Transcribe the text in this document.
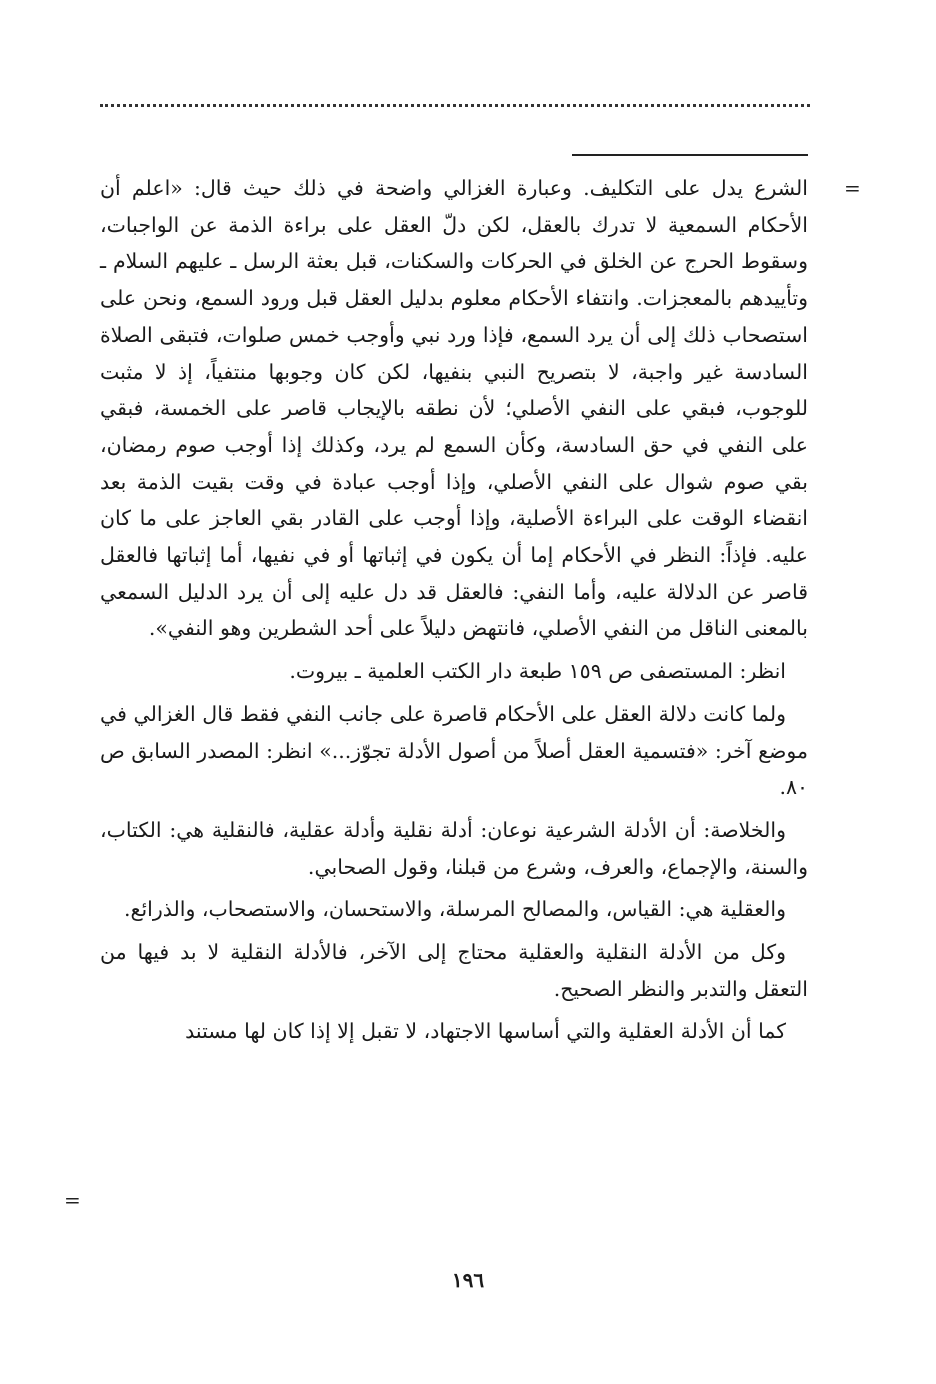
=

الشرع يدل على التكليف. وعبارة الغزالي واضحة في ذلك حيث قال: «اعلم أن الأحكام السمعية لا تدرك بالعقل، لكن دلّ العقل على براءة الذمة عن الواجبات، وسقوط الحرج عن الخلق في الحركات والسكنات، قبل بعثة الرسل ـ عليهم السلام ـ وتأييدهم بالمعجزات. وانتفاء الأحكام معلوم بدليل العقل قبل ورود السمع، ونحن على استصحاب ذلك إلى أن يرد السمع، فإذا ورد نبي وأوجب خمس صلوات، فتبقى الصلاة السادسة غير واجبة، لا بتصريح النبي بنفيها، لكن كان وجوبها منتفياً، إذ لا مثبت للوجوب، فبقي على النفي الأصلي؛ لأن نطقه بالإيجاب قاصر على الخمسة، فبقي على النفي في حق السادسة، وكأن السمع لم يرد، وكذلك إذا أوجب صوم رمضان، بقي صوم شوال على النفي الأصلي، وإذا أوجب عبادة في وقت بقيت الذمة بعد انقضاء الوقت على البراءة الأصلية، وإذا أوجب على القادر بقي العاجز على ما كان عليه. فإذاً: النظر في الأحكام إما أن يكون في إثباتها أو في نفيها، أما إثباتها فالعقل قاصر عن الدلالة عليه، وأما النفي: فالعقل قد دل عليه إلى أن يرد الدليل السمعي بالمعنى الناقل من النفي الأصلي، فانتهض دليلاً على أحد الشطرين وهو النفي».

انظر: المستصفى ص ١٥٩ طبعة دار الكتب العلمية ـ بيروت.

ولما كانت دلالة العقل على الأحكام قاصرة على جانب النفي فقط قال الغزالي في موضع آخر: «فتسمية العقل أصلاً من أصول الأدلة تجوّز...» انظر: المصدر السابق ص ٨٠.

والخلاصة: أن الأدلة الشرعية نوعان: أدلة نقلية وأدلة عقلية، فالنقلية هي: الكتاب، والسنة، والإجماع، والعرف، وشرع من قبلنا، وقول الصحابي.

والعقلية هي: القياس، والمصالح المرسلة، والاستحسان، والاستصحاب، والذرائع.

وكل من الأدلة النقلية والعقلية محتاج إلى الآخر، فالأدلة النقلية لا بد فيها من التعقل والتدبر والنظر الصحيح.

كما أن الأدلة العقلية والتي أساسها الاجتهاد، لا تقبل إلا إذا كان لها مستند

=
١٩٦
